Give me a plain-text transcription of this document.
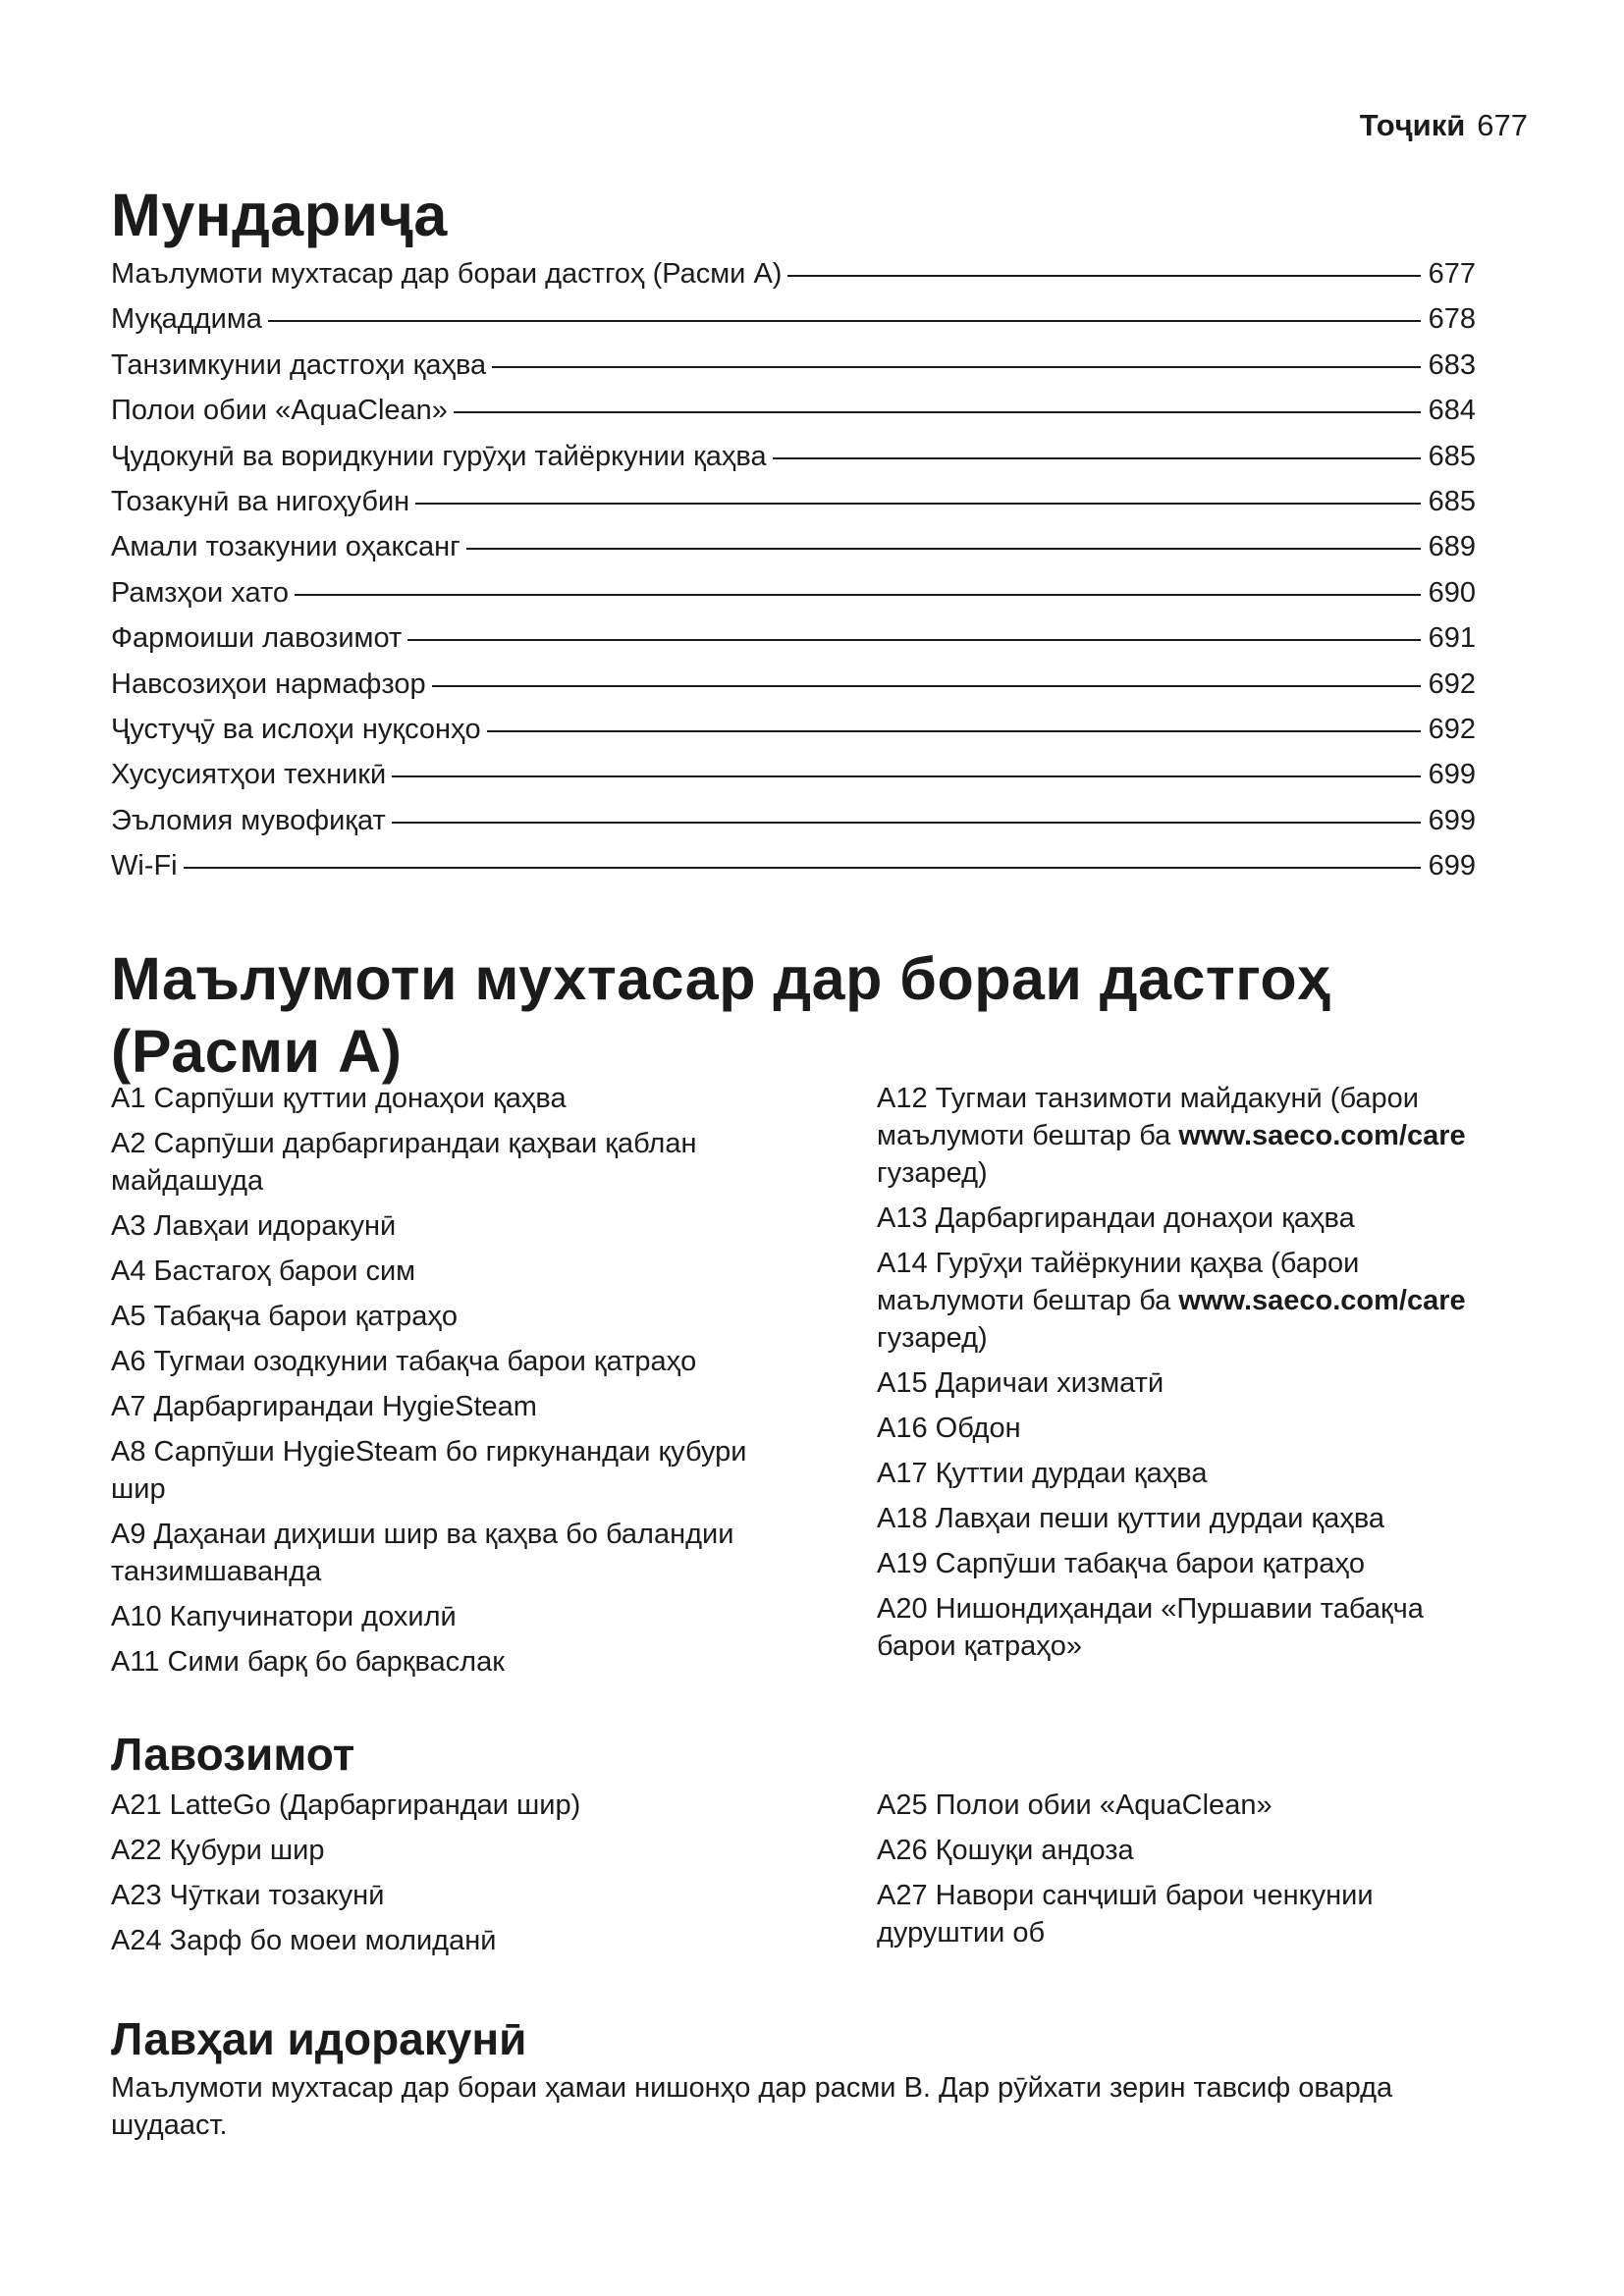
Тоҷикӣ 677
Мундариҷа
Маълумоти мухтасар дар бораи дастгоҳ (Расми А)	677
Муқаддима	678
Танзимкунии дастгоҳи қаҳва	683
Полои обии «AquaClean»	684
Ҷудокунӣ ва воридкунии гурӯҳи тайёркунии қаҳва	685
Тозакунӣ ва нигоҳубин	685
Амали тозакунии оҳаксанг	689
Рамзҳои хато	690
Фармоиши лавозимот	691
Навсозиҳои нармафзор	692
Ҷустуҷӯ ва ислоҳи нуқсонҳо	692
Хусусиятҳои техникӣ	699
Эъломия мувофиқат	699
Wi-Fi	699
Маълумоти мухтасар дар бораи дастгоҳ (Расми А)
A1 Сарпӯши қуттии донаҳои қаҳва
A2 Сарпӯши дарбаргирандаи қаҳваи қаблан майдашуда
A3 Лавҳаи идоракунӣ
A4 Бастагоҳ барои сим
A5 Табақча барои қатраҳо
A6 Тугмаи озодкунии табақча барои қатраҳо
A7 Дарбаргирандаи HygieSteam
A8 Сарпӯши HygieSteam бо гиркунандаи қубури шир
A9 Даҳанаи диҳиши шир ва қаҳва бо баландии танзимшаванда
A10 Капучинатори дохилӣ
A11 Сими барқ бо барқваслак
A12 Тугмаи танзимоти майдакунӣ (барои маълумоти бештар ба www.saeco.com/care гузаред)
A13 Дарбаргирандаи донаҳои қаҳва
A14 Гурӯҳи тайёркунии қаҳва (барои маълумоти бештар ба www.saeco.com/care гузаред)
A15 Даричаи хизматӣ
A16 Обдон
A17 Қуттии дурдаи қаҳва
A18 Лавҳаи пеши қуттии дурдаи қаҳва
A19 Сарпӯши табақча барои қатраҳо
A20 Нишондиҳандаи «Пуршавии табақча барои қатраҳо»
Лавозимот
A21 LatteGo (Дарбаргирандаи шир)
A22 Қубури шир
A23 Чӯткаи тозакунӣ
A24 Зарф бо моеи молиданӣ
A25 Полои обии «AquaClean»
A26 Қошуқи андоза
A27 Навори санҷишӣ барои ченкунии дуруштии об
Лавҳаи идоракунӣ

Маълумоти мухтасар дар бораи ҳамаи нишонҳо дар расми B. Дар рӯйхати зерин тавсиф оварда шудааст.
